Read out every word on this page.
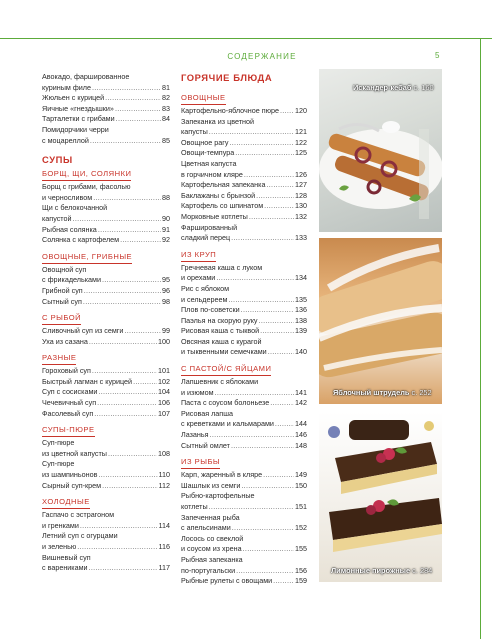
СОДЕРЖАНИЕ	5
Авокадо, фаршированное
куриным филе .....	81
Жюльен с курицей .....	82
Яичные «гнездышки» .....	83
Тарталетки с грибами .....	84
Помидорчики черри
с моцареллой .....	85
СУПЫ
БОРЩ, ЩИ, СОЛЯНКИ
Борщ с грибами, фасолью
и черносливом .....	88
Щи с белокочанной
капустой .....	90
Рыбная солянка .....	91
Солянка с картофелем .....	92
ОВОЩНЫЕ, ГРИБНЫЕ
Овощной суп
с фрикадельками .....	95
Грибной суп .....	96
Сытный суп .....	98
С РЫБОЙ
Сливочный суп из семги .....	99
Уха из сазана .....	100
РАЗНЫЕ
Гороховый суп .....	101
Быстрый лагман с курицей .....	102
Суп с сосисками .....	104
Чечевичный суп .....	106
Фасолевый суп .....	107
СУПЫ-ПЮРЕ
Суп-пюре
из цветной капусты .....	108
Суп-пюре
из шампиньонов .....	110
Сырный суп-крем .....	112
ХОЛОДНЫЕ
Гаспачо с эстрагоном
и гренками .....	114
Летний суп с огурцами
и зеленью .....	116
Вишневый суп
с варениками .....	117
ГОРЯЧИЕ БЛЮДА
ОВОЩНЫЕ
Картофельно-яблочное пюре ..... 120
Запеканка из цветной
капусты .....	121
Овощное рагу .....	122
Овощи-темпура .....	125
Цветная капуста
в горчичном кляре .....	126
Картофельная запеканка .....	127
Баклажаны с брынзой .....	128
Картофель со шпинатом .....	130
Морковные котлеты .....	132
Фаршированный
сладкий перец .....	133
ИЗ КРУП
Гречневая каша с луком
и орехами .....	134
Рис с яблоком
и сельдереем .....	135
Плов по-советски .....	136
Паэлья на скорую руку .....	138
Рисовая каша с тыквой .....	139
Овсяная каша с курагой
и тыквенными семечками .....	140
С ПАСТОЙ/С ЯЙЦАМИ
Лапшевник с яблоками
и изюмом .....	141
Паста с соусом болоньезе .....	142
Рисовая лапша
с креветками и кальмарами .....	144
Лазанья .....	146
Сытный омлет .....	148
ИЗ РЫБЫ
Карп, жаренный в кляре .....	149
Шашлык из семги .....	150
Рыбно-картофельные
котлеты .....	151
Запеченная рыба
с апельсинами .....	152
Лосось со свеклой
и соусом из хрена .....	155
Рыбная запеканка
по-португальски .....	156
Рыбные рулеты с овощами .....	159
Искандер-кебаб с. 160
Яблочный штрудель с. 252
Лимонные пирожные с. 284
